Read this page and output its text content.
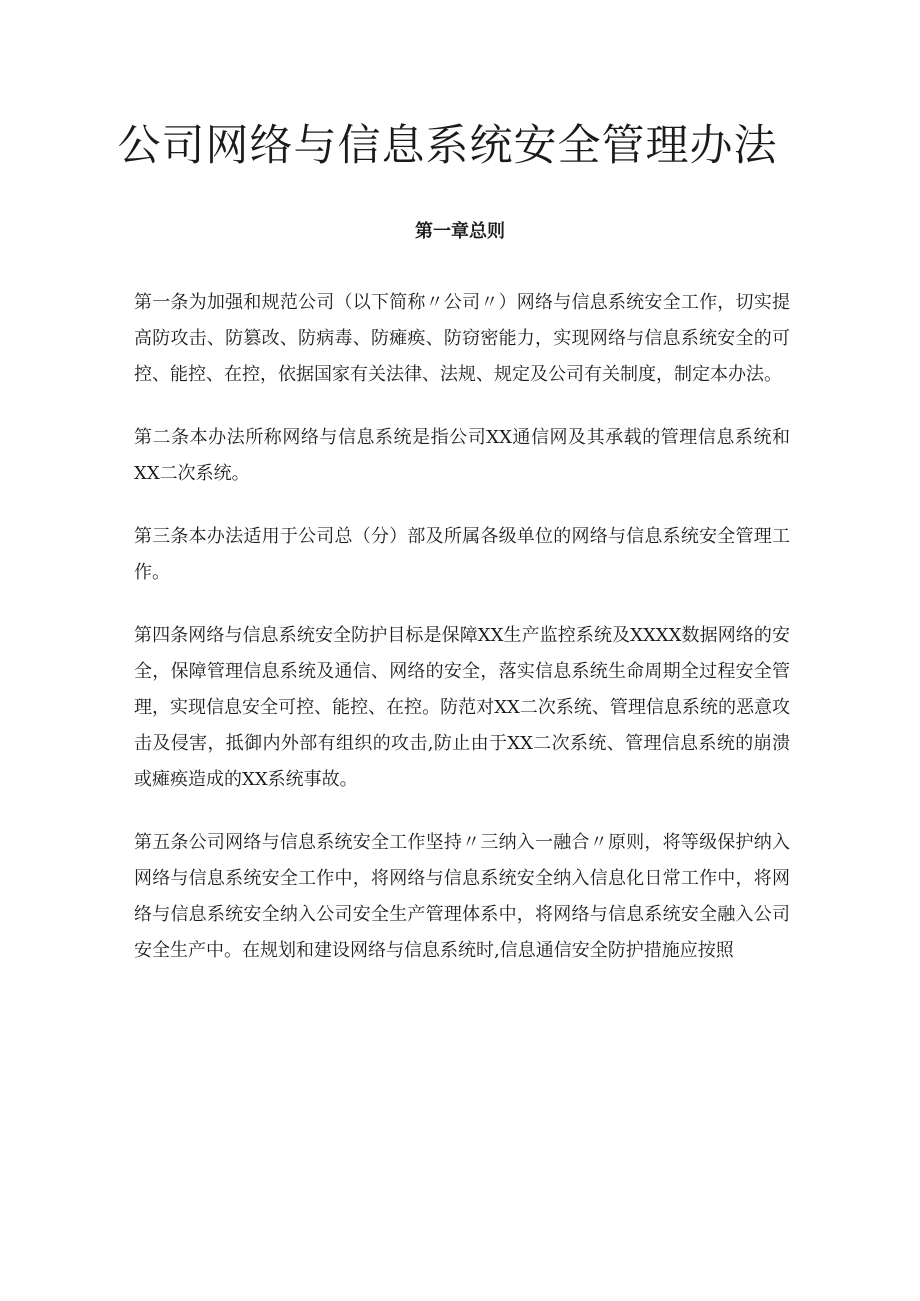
公司网络与信息系统安全管理办法
第一章总则

第一条为加强和规范公司（以下简称〃公司〃）网络与信息系统安全工作，切实提高防攻击、防篡改、防病毒、防瘫痪、防窃密能力，实现网络与信息系统安全的可控、能控、在控，依据国家有关法律、法规、规定及公司有关制度，制定本办法。

第二条本办法所称网络与信息系统是指公司XX通信网及其承载的管理信息系统和XX二次系统。

第三条本办法适用于公司总（分）部及所属各级单位的网络与信息系统安全管理工作。

第四条网络与信息系统安全防护目标是保障XX生产监控系统及XXXX数据网络的安全，保障管理信息系统及通信、网络的安全，落实信息系统生命周期全过程安全管理，实现信息安全可控、能控、在控。防范对XX二次系统、管理信息系统的恶意攻击及侵害，抵御内外部有组织的攻击,防止由于XX二次系统、管理信息系统的崩溃或瘫痪造成的XX系统事故。

第五条公司网络与信息系统安全工作坚持〃三纳入一融合〃原则，将等级保护纳入网络与信息系统安全工作中，将网络与信息系统安全纳入信息化日常工作中，将网络与信息系统安全纳入公司安全生产管理体系中，将网络与信息系统安全融入公司安全生产中。在规划和建设网络与信息系统时,信息通信安全防护措施应按照
